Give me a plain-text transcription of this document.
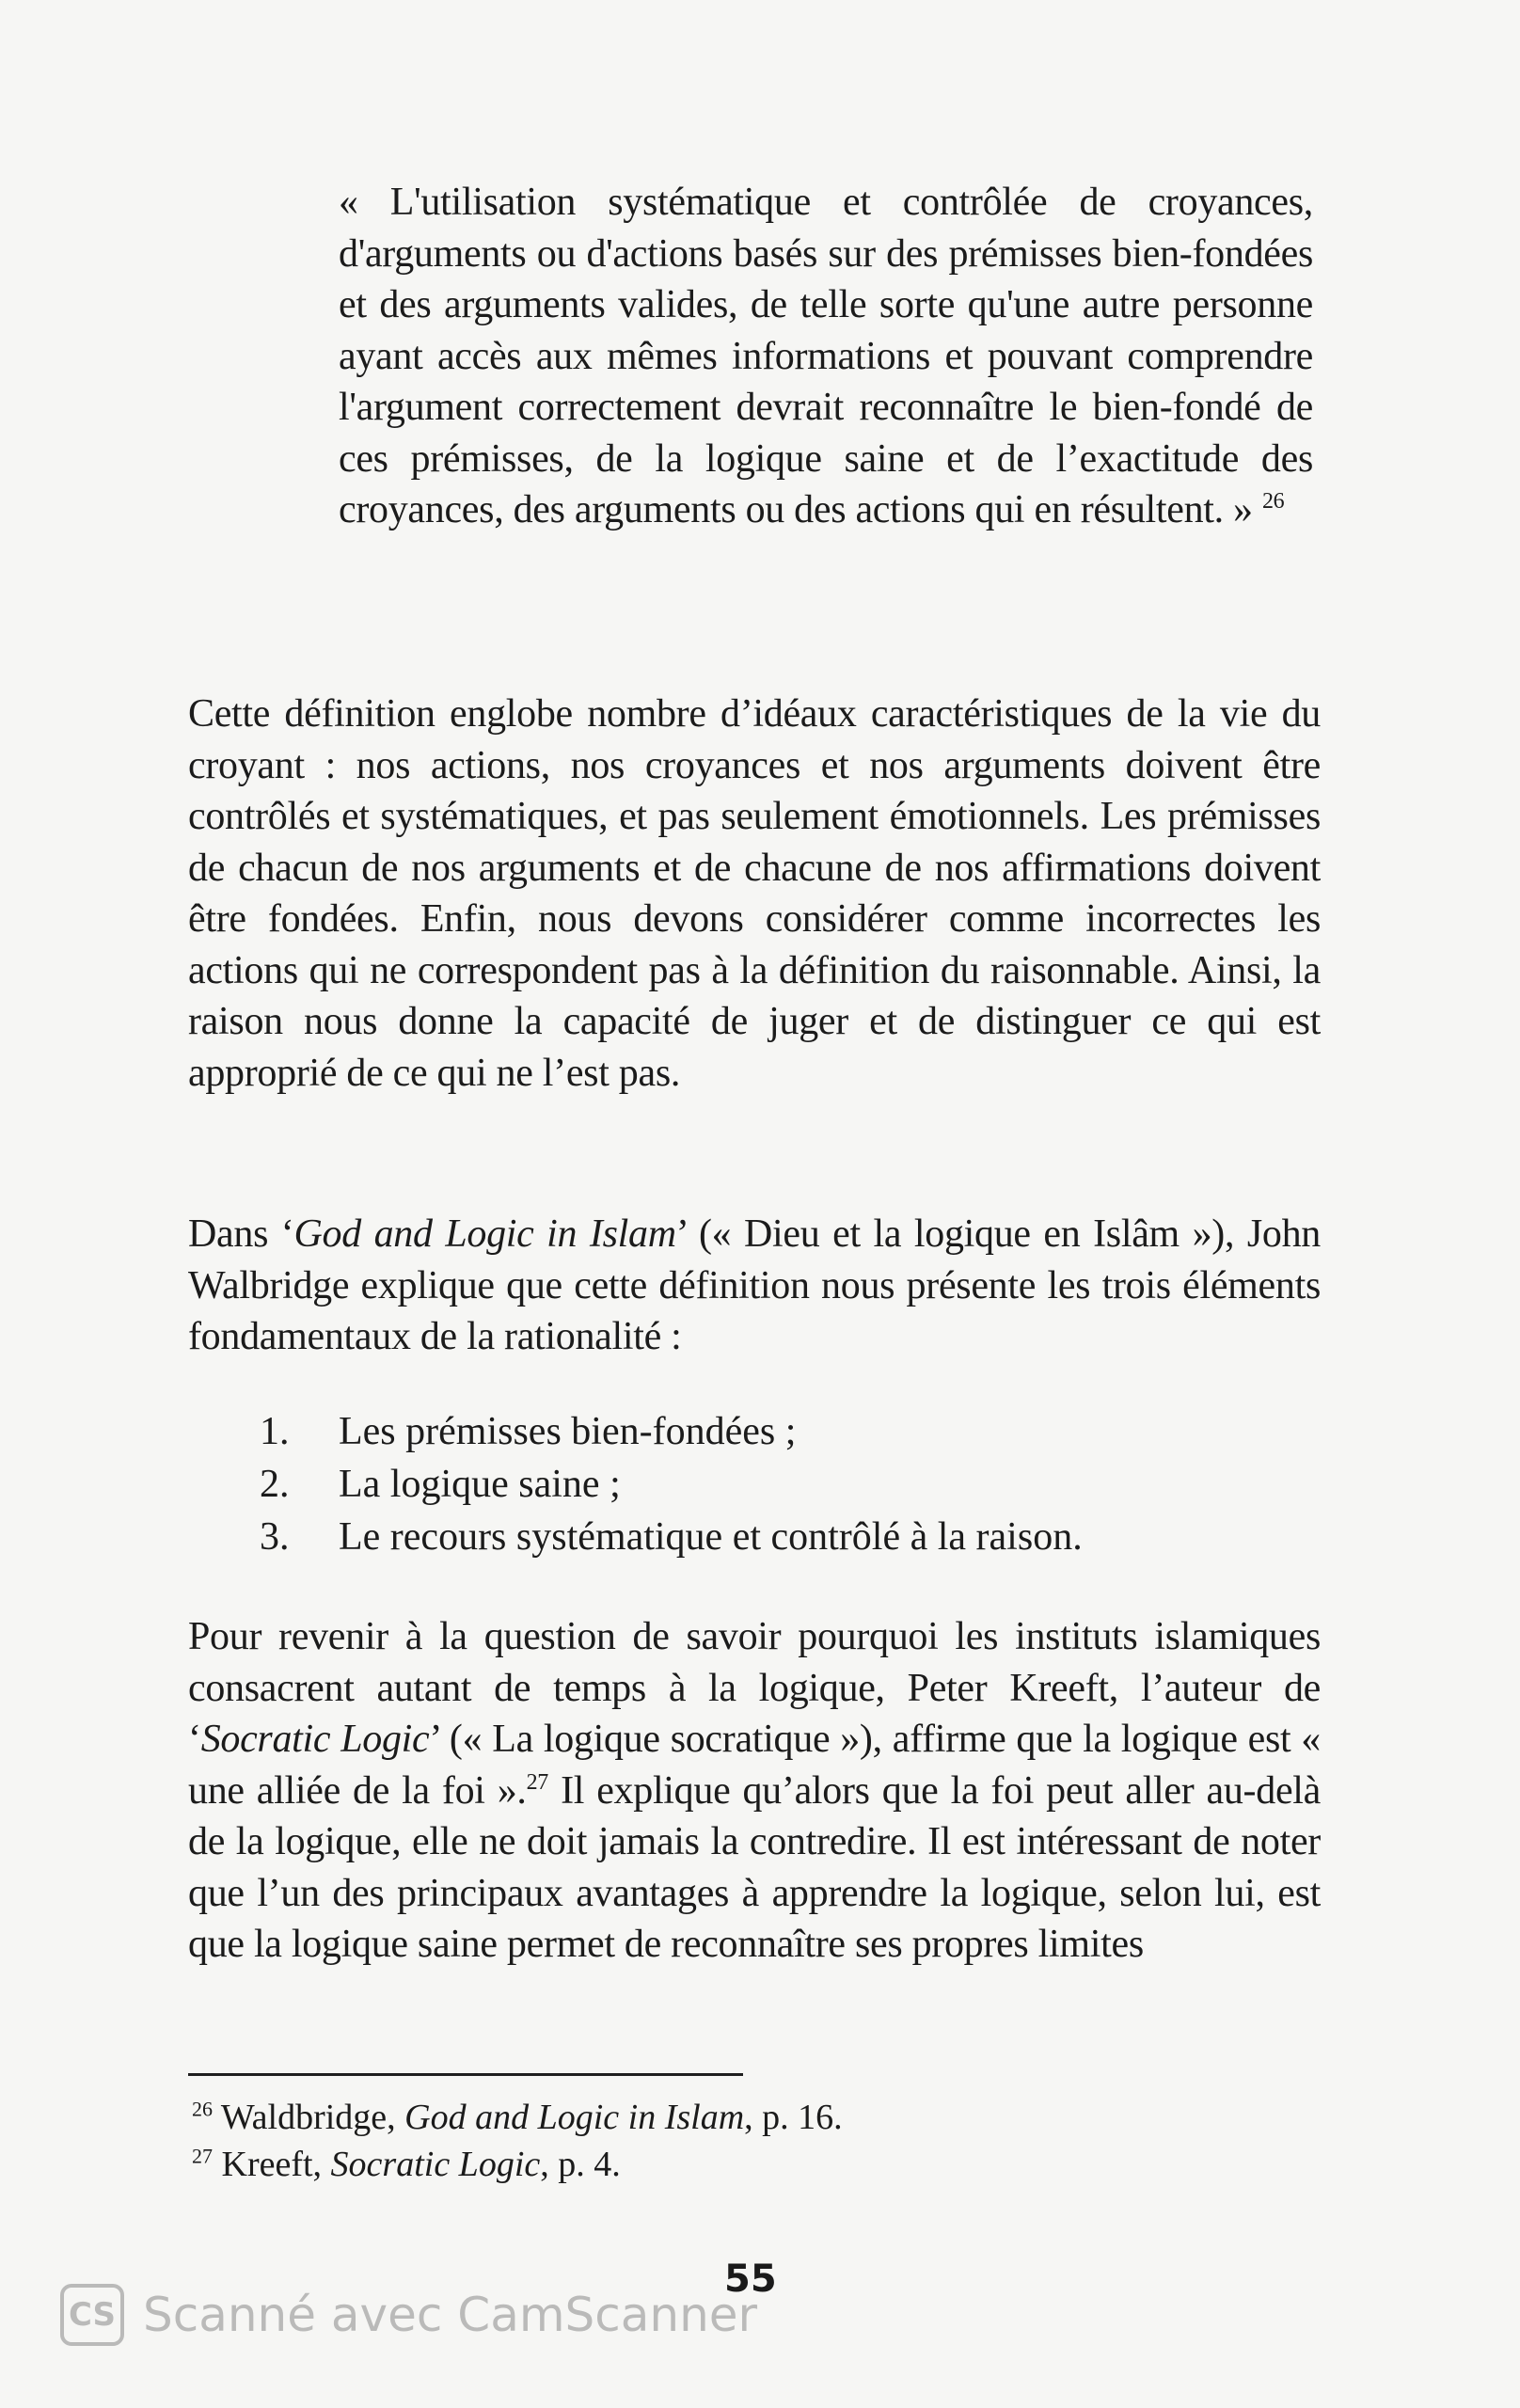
« L'utilisation systématique et contrôlée de croyances, d'arguments ou d'actions basés sur des prémisses bien-fondées et des arguments valides, de telle sorte qu'une autre personne ayant accès aux mêmes informations et pouvant comprendre l'argument correctement devrait reconnaître le bien-fondé de ces prémisses, de la logique saine et de l’exactitude des croyances, des arguments ou des actions qui en résultent. » $^{26}$
Cette définition englobe nombre d’idéaux caractéristiques de la vie du croyant : nos actions, nos croyances et nos arguments doivent être contrôlés et systématiques, et pas seulement émotionnels. Les prémisses de chacun de nos arguments et de chacune de nos affirmations doivent être fondées. Enfin, nous devons considérer comme incorrectes les actions qui ne correspondent pas à la définition du raisonnable. Ainsi, la raison nous donne la capacité de juger et de distinguer ce qui est approprié de ce qui ne l’est pas.
Dans ‘God and Logic in Islam’ (« Dieu et la logique en Islâm »), John Walbridge explique que cette définition nous présente les trois éléments fondamentaux de la rationalité :
1. Les prémisses bien-fondées ;
2. La logique saine ;
3. Le recours systématique et contrôlé à la raison.
Pour revenir à la question de savoir pourquoi les instituts islamiques consacrent autant de temps à la logique, Peter Kreeft, l’auteur de ‘Socratic Logic’ (« La logique socratique »), affirme que la logique est « une alliée de la foi ».$^{27}$ Il explique qu’alors que la foi peut aller au-delà de la logique, elle ne doit jamais la contredire. Il est intéressant de noter que l’un des principaux avantages à apprendre la logique, selon lui, est que la logique saine permet de reconnaître ses propres limites
$^{26}$ Waldbridge, God and Logic in Islam, p. 16.
$^{27}$ Kreeft, Socratic Logic, p. 4.
55
CS Scanné avec CamScanner
